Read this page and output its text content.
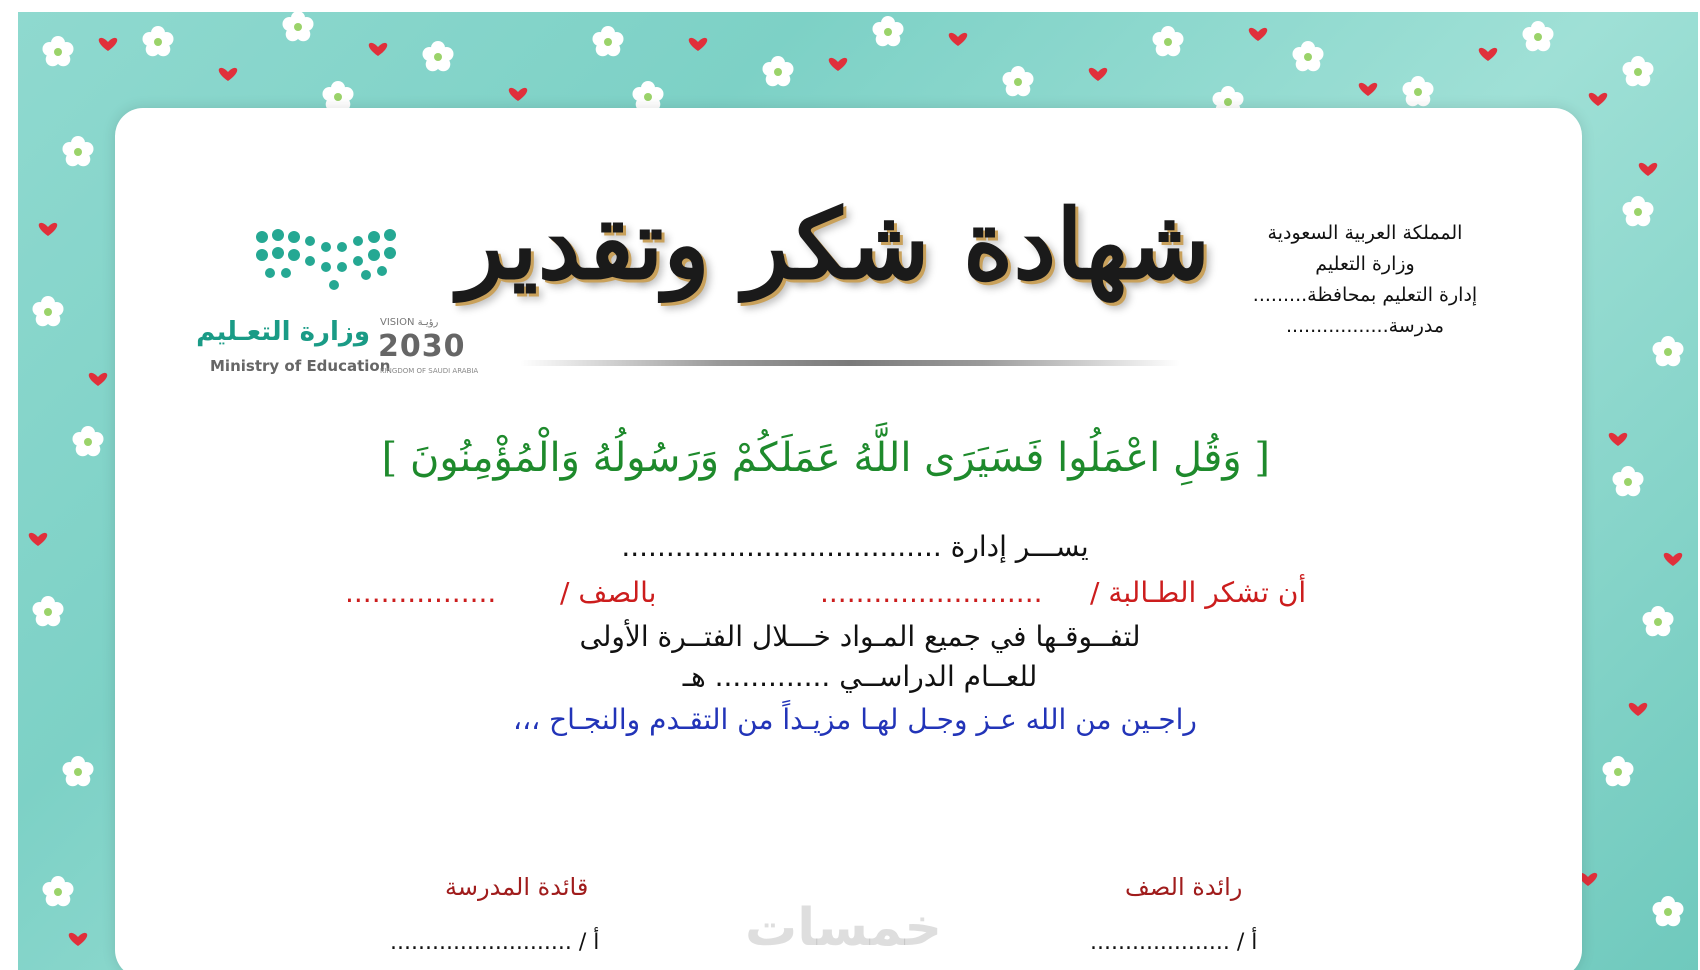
المملكة العربية السعودية
وزارة التعليم
إدارة التعليم بمحافظة.........
مدرسة.................
شهادة شكر وتقدير
وزارة التعـليم
Ministry of Education
VISION رؤيـة
2030
KINGDOM OF SAUDI ARABIA
[ وَقُلِ اعْمَلُوا فَسَيَرَى اللَّهُ عَمَلَكُمْ وَرَسُولُهُ وَالْمُؤْمِنُونَ ]
يســـر إدارة ....................................
أن تشكر الطـالبة /
.........................
بالصف /
.................
لتفــوقـها في جميع المـواد خـــلال الفتــرة الأولى
للعــام الدراســي ............. هـ
راجـين من الله عـز وجـل لهـا مزيـداً من التقـدم والنجـاح ،،،
رائدة الصف
أ / ....................
قائدة المدرسة
أ / ..........................	خمسات
